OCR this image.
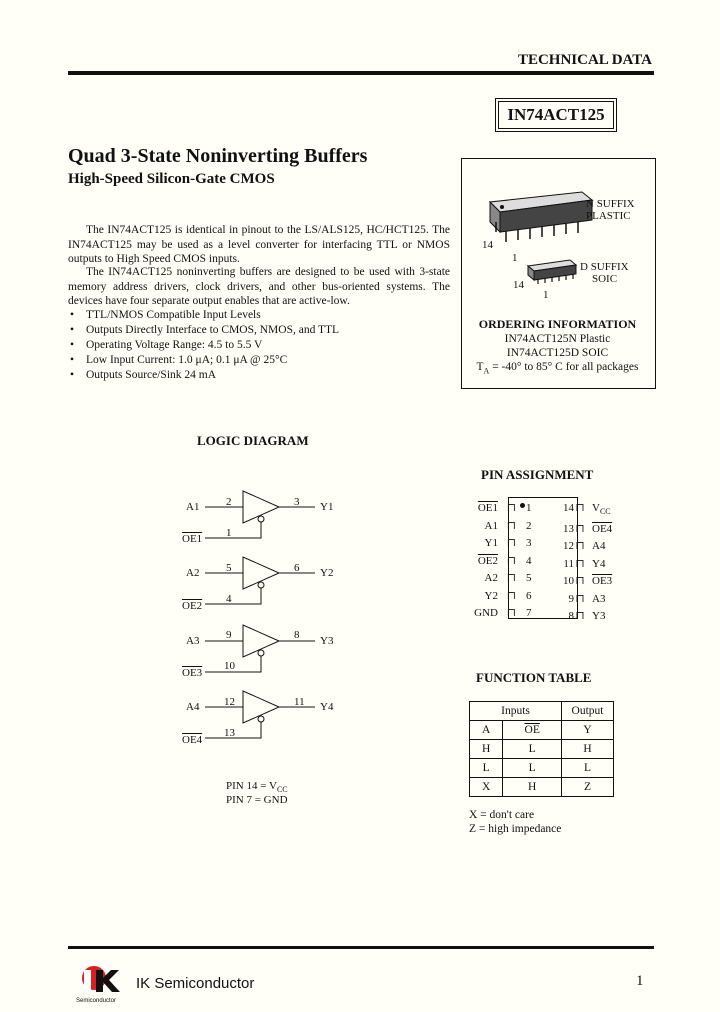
TECHNICAL DATA
IN74ACT125
Quad 3-State Noninverting Buffers
High-Speed Silicon-Gate CMOS
The IN74ACT125 is identical in pinout to the LS/ALS125, HC/HCT125. The IN74ACT125 may be used as a level converter for interfacing TTL or NMOS outputs to High Speed CMOS inputs.
The IN74ACT125 noninverting buffers are designed to be used with 3-state memory address drivers, clock drivers, and other bus-oriented systems. The devices have four separate output enables that are active-low.
• TTL/NMOS Compatible Input Levels
• Outputs Directly Interface to CMOS, NMOS, and TTL
• Operating Voltage Range: 4.5 to 5.5 V
• Low Input Current: 1.0 μA; 0.1 μA @ 25°C
• Outputs Source/Sink 24 mA
N SUFFIX
PLASTIC
14
1
D SUFFIX
SOIC
14
1
ORDERING INFORMATION
IN74ACT125N Plastic
IN74ACT125D SOIC
$T_A = -40^\circ$ to 85° C for all packages
LOGIC DIAGRAM
A1 2	3 Y1
1
OE1
A2 5	6 Y2
4
OE2
A3 9	8 Y3
10
OE3
A4 12	11 Y4
13
OE4
PIN $14 = V_{CC}$
PIN 7 = GND
PIN ASSIGNMENT
OE1 ⊓ 1
A1 ⊓ 2
Y1 ⊓ 3
OE2 ⊓ 4
A2 ⊓ 5
Y2 ⊓ 6
GND ⊓ 7
14 ⊓ $V_{CC}$
13 ⊓ OE4
12 ⊓ A4
11 ⊓ Y4
10 ⊓ OE3
9 ⊓ A3
8 ⊓ Y3
FUNCTION TABLE
Inputs		Output
A	$\overline{OE}$	Y
H	L	H
L	L	L
X	H	Z
X = don't care
Z = high impedance
Semiconductor
IK Semiconductor	1
